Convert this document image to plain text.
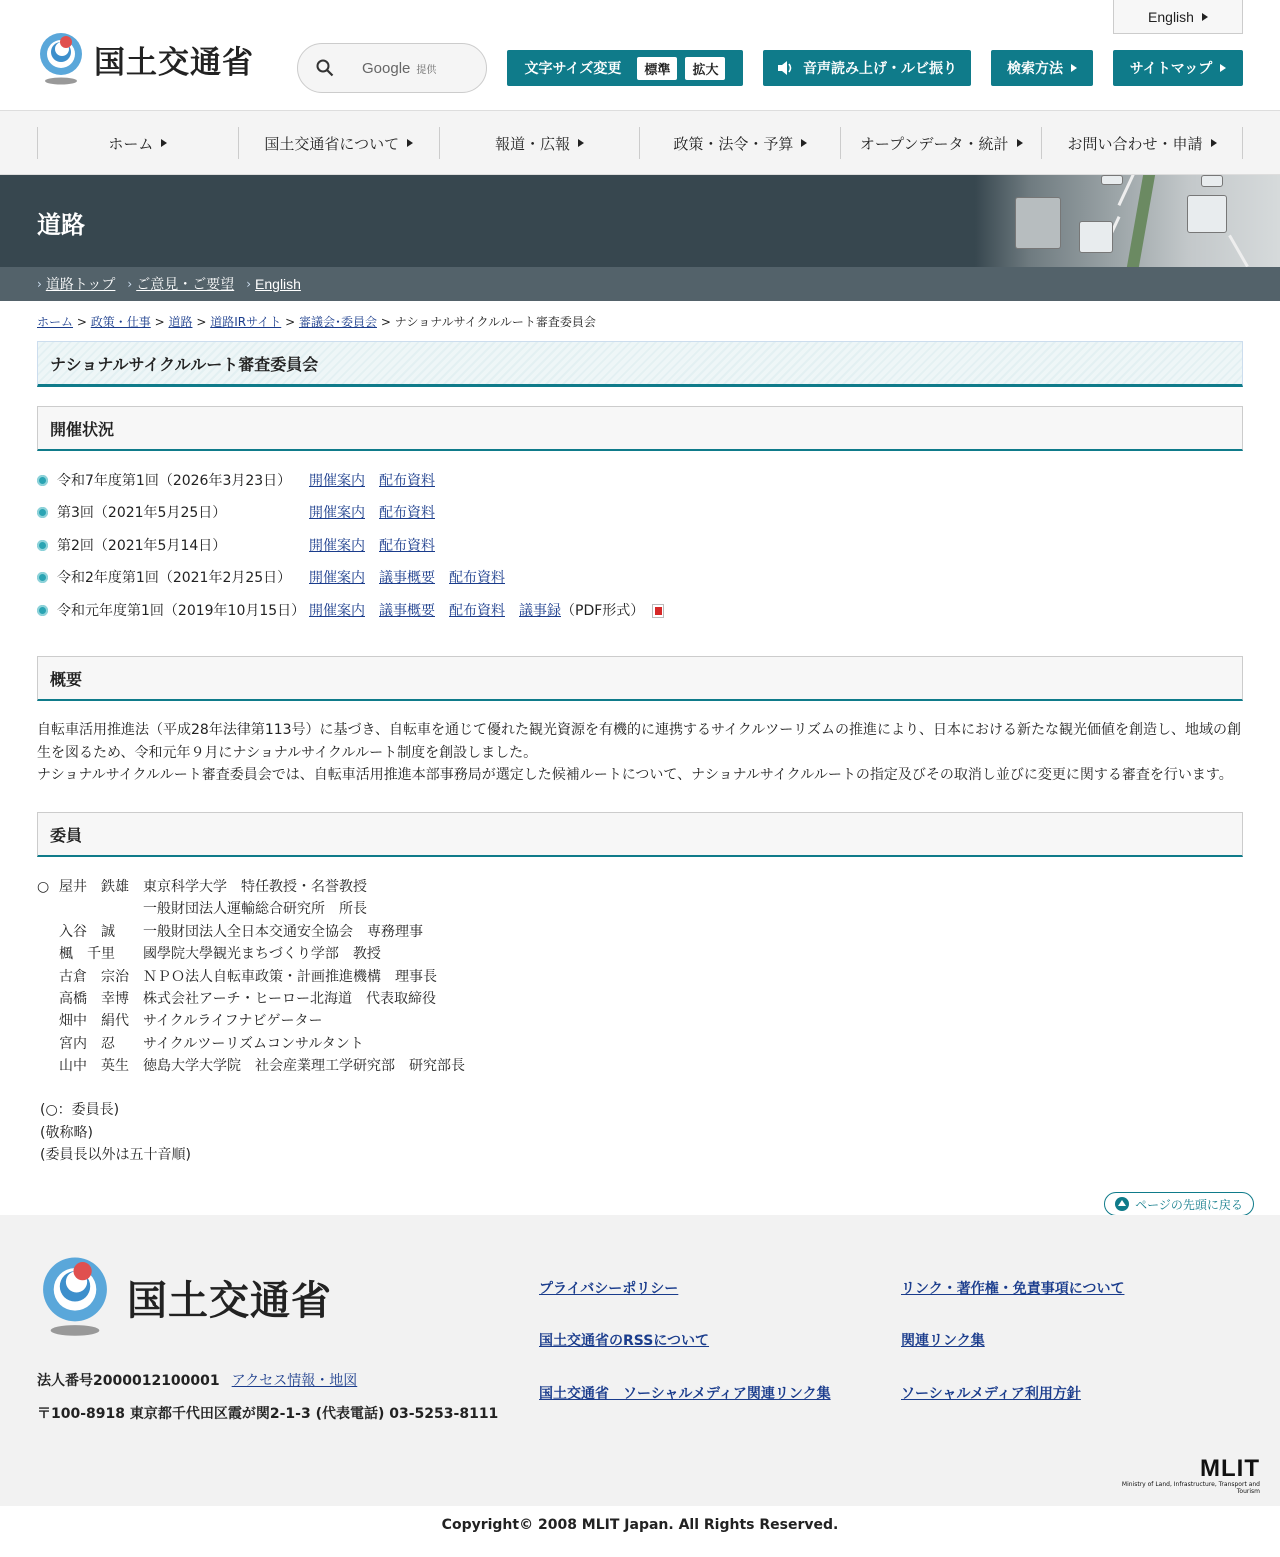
国土交通省	Google 提供
English
文字サイズ変更	標準	拡大	音声読み上げ・ルビ振り	検索方法	サイトマップ
ホーム	国土交通省について	報道・広報	政策・法令・予算	オープンデータ・統計	お問い合わせ・申請
道路
› 道路トップ › ご意見・ご要望 › English
ホーム > 政策・仕事 > 道路 > 道路IRサイト > 審議会･委員会 > ナショナルサイクルルート審査委員会
ナショナルサイクルルート審査委員会
開催状況
令和7年度第1回（2026年3月23日）	開催案内 配布資料
第3回（2021年5月25日）	開催案内 配布資料
第2回（2021年5月14日）	開催案内 配布資料
令和2年度第1回（2021年2月25日）	開催案内 議事概要 配布資料
令和元年度第1回（2019年10月15日） 開催案内 議事概要 配布資料 議事録（PDF形式）
概要

自転車活用推進法（平成28年法律第113号）に基づき、自転車を通じて優れた観光資源を有機的に連携するサイクルツーリズムの推進により、日本における新たな観光価値を創造し、地域の創生を図るため、令和元年９月にナショナルサイクルルート制度を創設しました。

ナショナルサイクルルート審査委員会では、自転車活用推進本部事務局が選定した候補ルートについて、ナショナルサイクルルートの指定及びその取消し並びに変更に関する審査を行います。

委員
○ 屋井　鉄雄	東京科学大学　特任教授・名誉教授
一般財団法人運輸総合研究所　所長
入谷　誠	一般財団法人全日本交通安全協会　専務理事
楓　千里	國學院大學観光まちづくり学部　教授
古倉　宗治	ＮＰＯ法人自転車政策・計画推進機構　理事長
高橋　幸博	株式会社アーチ・ヒーロー北海道　代表取締役
畑中　絹代	サイクルライフナビゲーター
宮内　忍	サイクルツーリズムコンサルタント
山中　英生	徳島大学大学院　社会産業理工学研究部　研究部長
(○：委員長)
(敬称略)
(委員長以外は五十音順)
ページの先頭に戻る
国土交通省
法人番号2000012100001 アクセス情報・地図
〒100-8918 東京都千代田区霞が関2-1-3 (代表電話) 03-5253-8111
プライバシーポリシー	リンク・著作権・免責事項について
国土交通省のRSSについて	関連リンク集
国土交通省　ソーシャルメディア関連リンク集	ソーシャルメディア利用方針
MLIT
Ministry of Land, Infrastructure, Transport and Tourism
Copyright© 2008 MLIT Japan. All Rights Reserved.
